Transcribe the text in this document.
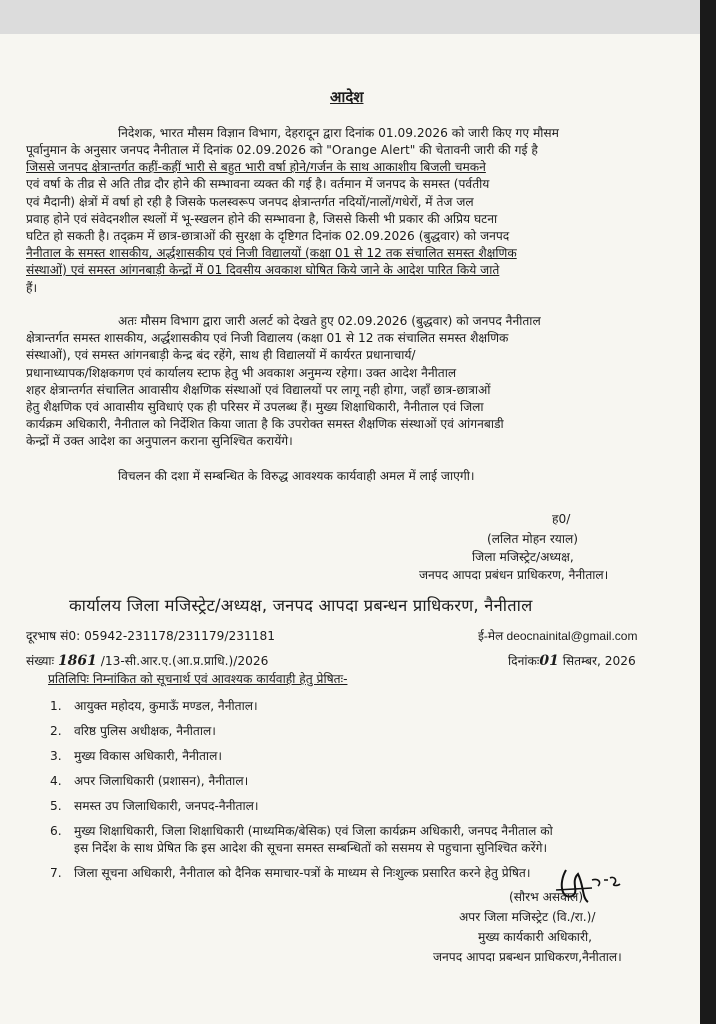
आदेश
निदेशक, भारत मौसम विज्ञान विभाग, देहरादून द्वारा दिनांक 01.09.2026 को जारी किए गए मौसम
पूर्वानुमान के अनुसार जनपद नैनीताल में दिनांक 02.09.2026 को "Orange Alert" की चेतावनी जारी की गई है
जिससे जनपद क्षेत्रान्तर्गत कहीं-कहीं भारी से बहुत भारी वर्षा होने/गर्जन के साथ आकाशीय बिजली चमकने
एवं वर्षा के तीव्र से अति तीव्र दौर होने की सम्भावना व्यक्त की गई है। वर्तमान में जनपद के समस्त (पर्वतीय
एवं मैदानी) क्षेत्रों में वर्षा हो रही है जिसके फलस्वरूप जनपद क्षेत्रान्तर्गत नदियों/नालों/गधेरों, में तेज जल
प्रवाह होने एवं संवेदनशील स्थलों में भू-स्खलन होने की सम्भावना है, जिससे किसी भी प्रकार की अप्रिय घटना
घटित हो सकती है। तद्क्रम में छात्र-छात्राओं की सुरक्षा के दृष्टिगत दिनांक 02.09.2026 (बुद्धवार) को जनपद
नैनीताल के समस्त शासकीय, अर्द्धशासकीय एवं निजी विद्यालयों (कक्षा 01 से 12 तक संचालित समस्त शैक्षणिक
संस्थाओं) एवं समस्त आंगनबाड़ी केन्द्रों में 01 दिवसीय अवकाश घोषित किये जाने के आदेश पारित किये जाते
हैं।
अतः मौसम विभाग द्वारा जारी अलर्ट को देखते हुए 02.09.2026 (बुद्धवार) को जनपद नैनीताल
क्षेत्रान्तर्गत समस्त शासकीय, अर्द्धशासकीय एवं निजी विद्यालय (कक्षा 01 से 12 तक संचालित समस्त शैक्षणिक
संस्थाओं), एवं समस्त आंगनबाड़ी केन्द्र बंद रहेंगे, साथ ही विद्यालयों में कार्यरत प्रधानाचार्य/
प्रधानाध्यापक/शिक्षकगण एवं कार्यालय स्टाफ हेतु भी अवकाश अनुमन्य रहेगा। उक्त आदेश नैनीताल
शहर क्षेत्रान्तर्गत संचालित आवासीय शैक्षणिक संस्थाओं एवं विद्यालयों पर लागू नही होगा, जहाँ छात्र-छात्राओं
हेतु शैक्षणिक एवं आवासीय सुविधाएं एक ही परिसर में उपलब्ध हैं। मुख्य शिक्षाधिकारी, नैनीताल एवं जिला
कार्यक्रम अधिकारी, नैनीताल को निर्देशित किया जाता है कि उपरोक्त समस्त शैक्षणिक संस्थाओं एवं आंगनबाडी
केन्द्रों में उक्त आदेश का अनुपालन कराना सुनिश्चित करायेंगे।
विचलन की दशा में सम्बन्धित के विरुद्ध आवश्यक कार्यवाही अमल में लाई जाएगी।
ह0/
(ललित मोहन रयाल)
जिला मजिस्ट्रेट/अध्यक्ष,
जनपद आपदा प्रबंधन प्राधिकरण, नैनीताल।
कार्यालय जिला मजिस्ट्रेट/अध्यक्ष, जनपद आपदा प्रबन्धन प्राधिकरण, नैनीताल
दूरभाष सं0: 05942-231178/231179/231181	ई-मेल deocnainital@gmail.com
संख्याः 1861 /13-सी.आर.ए.(आ.प्र.प्राधि.)/2026	दिनांकः01 सितम्बर, 2026
प्रतिलिपिः निम्नांकित को सूचनार्थ एवं आवश्यक कार्यवाही हेतु प्रेषितः-
1. आयुक्त महोदय, कुमाऊँ मण्डल, नैनीताल।
2. वरिष्ठ पुलिस अधीक्षक, नैनीताल।
3. मुख्य विकास अधिकारी, नैनीताल।
4. अपर जिलाधिकारी (प्रशासन), नैनीताल।
5. समस्त उप जिलाधिकारी, जनपद-नैनीताल।
6. मुख्य शिक्षाधिकारी, जिला शिक्षाधिकारी (माध्यमिक/बेसिक) एवं जिला कार्यक्रम अधिकारी, जनपद नैनीताल को
इस निर्देश के साथ प्रेषित कि इस आदेश की सूचना समस्त सम्बन्धितों को ससमय से पहुचाना सुनिश्चित करेंगे।
7. जिला सूचना अधिकारी, नैनीताल को दैनिक समाचार-पत्रों के माध्यम से निःशुल्क प्रसारित करने हेतु प्रेषित।
(सौरभ असवाल)
अपर जिला मजिस्ट्रेट (वि./रा.)/
मुख्य कार्यकारी अधिकारी,
जनपद आपदा प्रबन्धन प्राधिकरण,नैनीताल।
